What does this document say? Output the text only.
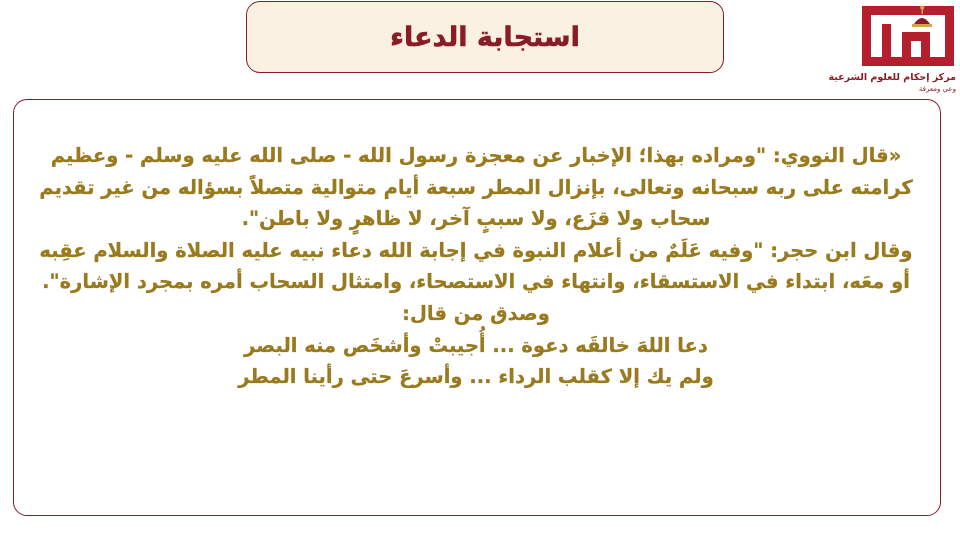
استجابة الدعاء
مركز إحكام للعلوم الشرعية
وعي ومعرفة
«قال النووي: "ومراده بهذا؛ الإخبار عن معجزة رسول الله - صلى الله عليه وسلم - وعظيم كرامته على ربه سبحانه وتعالى، بإنزال المطر سبعة أيام متوالية متصلاً بسؤاله من غير تقديم سحاب ولا قزَع، ولا سببٍ آخر، لا ظاهرٍ ولا باطن".
وقال ابن حجر: "وفيه عَلَمٌ من أعلام النبوة في إجابة الله دعاء نبيه عليه الصلاة والسلام عقِبه أو معَه، ابتداء في الاستسقاء، وانتهاء في الاستصحاء، وامتثال السحاب أمره بمجرد الإشارة".
وصدق من قال:
دعا اللهَ خالقَه دعوة ... أُجيبتْ وأشخَص منه البصر
ولم يك إلا كقلب الرداء ... وأسرعَ حتى رأينا المطر
